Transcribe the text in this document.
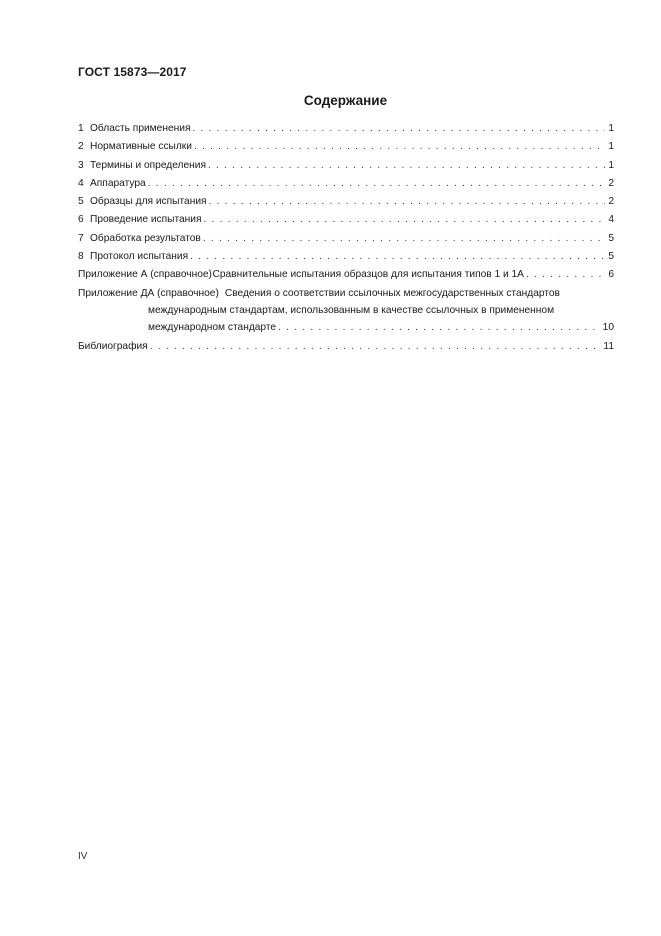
ГОСТ 15873—2017
Содержание
1 Область применения . . .	1
2 Нормативные ссылки . . .	1
3 Термины и определения . . .	1
4 Аппаратура . . .	2
5 Образцы для испытания . . .	2
6 Проведение испытания . . .	4
7 Обработка результатов . . .	5
8 Протокол испытания . . .	5
Приложение А (справочное) Сравнительные испытания образцов для испытания типов 1 и 1А . . .	6
Приложение ДА (справочное) Сведения о соответствии ссылочных межгосударственных стандартов
международным стандартам, использованным в качестве ссылочных в примененном
международном стандарте . . .	10
Библиография . . .	11
IV
